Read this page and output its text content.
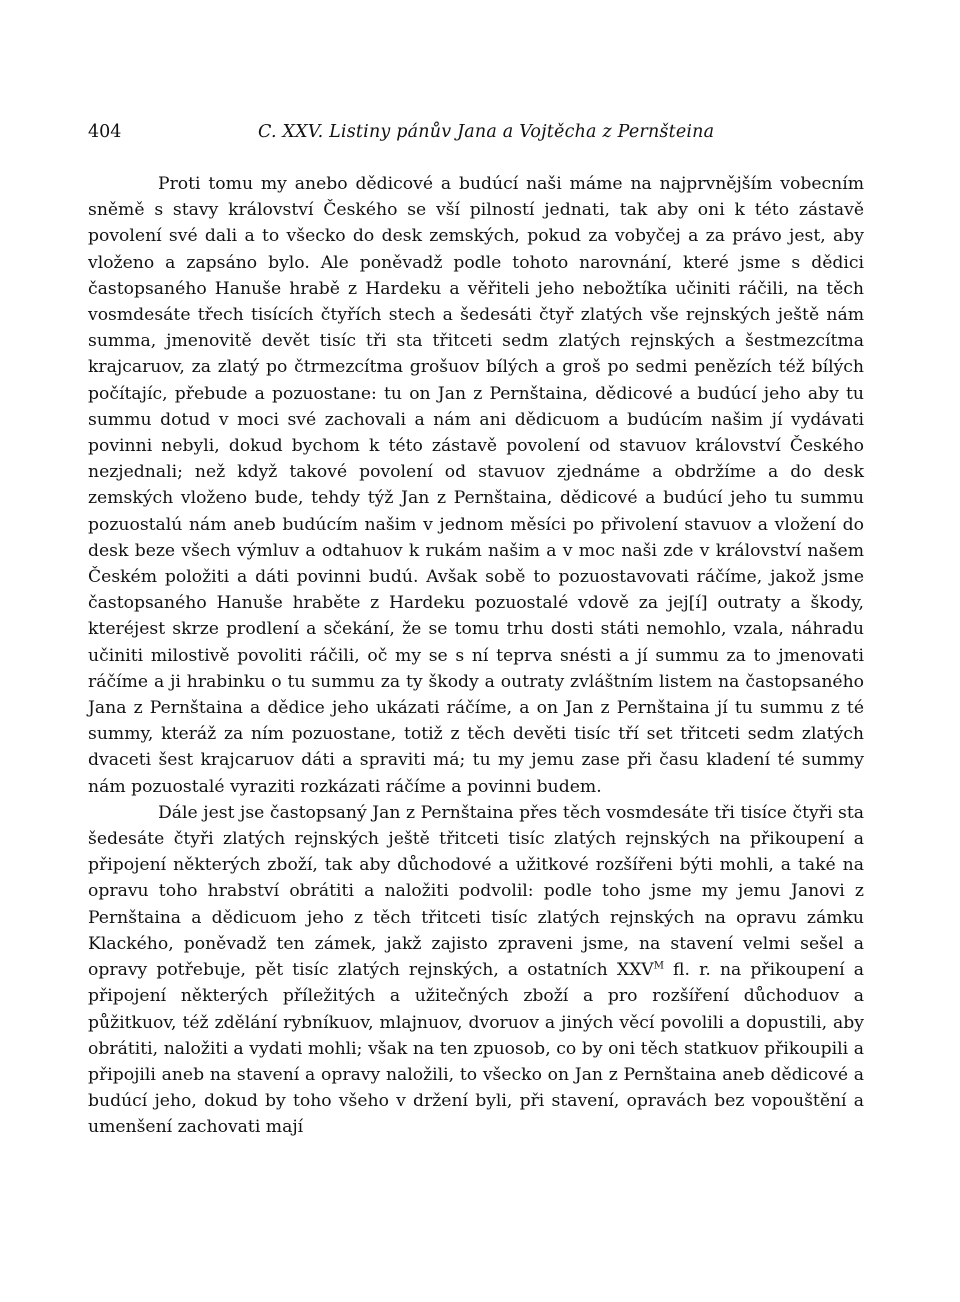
404	C. XXV. Listiny pánův Jana a Vojtěcha z Pernšteina

Proti tomu my anebo dědicové a budúcí naši máme na najprvnějším vobecním sněmě s stavy království Českého se vší pilností jednati, tak aby oni k této zástavě povolení své dali a to všecko do desk zemských, pokud za vobyčej a za právo jest, aby vloženo a zapsáno bylo. Ale poněvadž podle tohoto narovnání, které jsme s dědici častopsaného Hanuše hrabě z Hardeku a věřiteli jeho nebožtíka učiniti ráčili, na těch vosmdesáte třech tisících čtyřích stech a šedesáti čtyř zlatých vše rejnských ještě nám summa, jmenovitě devět tisíc tři sta třitceti sedm zlatých rejnských a šestmezcítma krajcaruov, za zlatý po čtrmezcítma grošuov bílých a groš po sedmi penězích též bílých počítajíc, přebude a pozuostane: tu on Jan z Pernštaina, dědicové a budúcí jeho aby tu summu dotud v moci své zachovali a nám ani dědicuom a budúcím našim jí vydávati povinni nebyli, dokud bychom k této zástavě povolení od stavuov království Českého nezjednali; než když takové povolení od stavuov zjednáme a obdržíme a do desk zemských vloženo bude, tehdy týž Jan z Pernštaina, dědicové a budúcí jeho tu summu pozuostalú nám aneb budúcím našim v jednom měsíci po přivolení stavuov a vložení do desk beze všech výmluv a odtahuov k rukám našim a v moc naši zde v království našem Českém položiti a dáti povinni budú. Avšak sobě to pozuostavovati ráčíme, jakož jsme častopsaného Hanuše hraběte z Hardeku pozuostalé vdově za jej[í] outraty a škody, kteréjest skrze prodlení a sčekání, že se tomu trhu dosti státi nemohlo, vzala, náhradu učiniti milostivě povoliti ráčili, oč my se s ní teprva snésti a jí summu za to jmenovati ráčíme a ji hrabinku o tu summu za ty škody a outraty zvláštním listem na častopsaného Jana z Pernštaina a dědice jeho ukázati ráčíme, a on Jan z Pernštaina jí tu summu z té summy, kteráž za ním pozuostane, totiž z těch devěti tisíc tří set třitceti sedm zlatých dvaceti šest krajcaruov dáti a spraviti má; tu my jemu zase při času kladení té summy nám pozuostalé vyraziti rozkázati ráčíme a povinni budem.

Dále jest jse častopsaný Jan z Pernštaina přes těch vosmdesáte tři tisíce čtyři sta šedesáte čtyři zlatých rejnských ještě třitceti tisíc zlatých rejnských na přikoupení a připojení některých zboží, tak aby důchodové a užitkové rozšířeni býti mohli, a také na opravu toho hrabství obrátiti a naložiti podvolil: podle toho jsme my jemu Janovi z Pernštaina a dědicuom jeho z těch třitceti tisíc zlatých rejnských na opravu zámku Klackého, poněvadž ten zámek, jakž zajisto zpraveni jsme, na stavení velmi sešel a opravy potřebuje, pět tisíc zlatých rejnských, a ostatních $XXV^M$ fl. r. na přikoupení a připojení některých příležitých a užitečných zboží a pro rozšíření důchoduov a půžitkuov, též zdělání rybníkuov, mlajnuov, dvoruov a jiných věcí povolili a dopustili, aby obrátiti, naložiti a vydati mohli; však na ten zpuosob, co by oni těch statkuov přikoupili a připojili aneb na stavení a opravy naložili, to všecko on Jan z Pernštaina aneb dědicové a budúcí jeho, dokud by toho všeho v držení byli, při stavení, opravách bez vopouštění a umenšení zachovati mají
